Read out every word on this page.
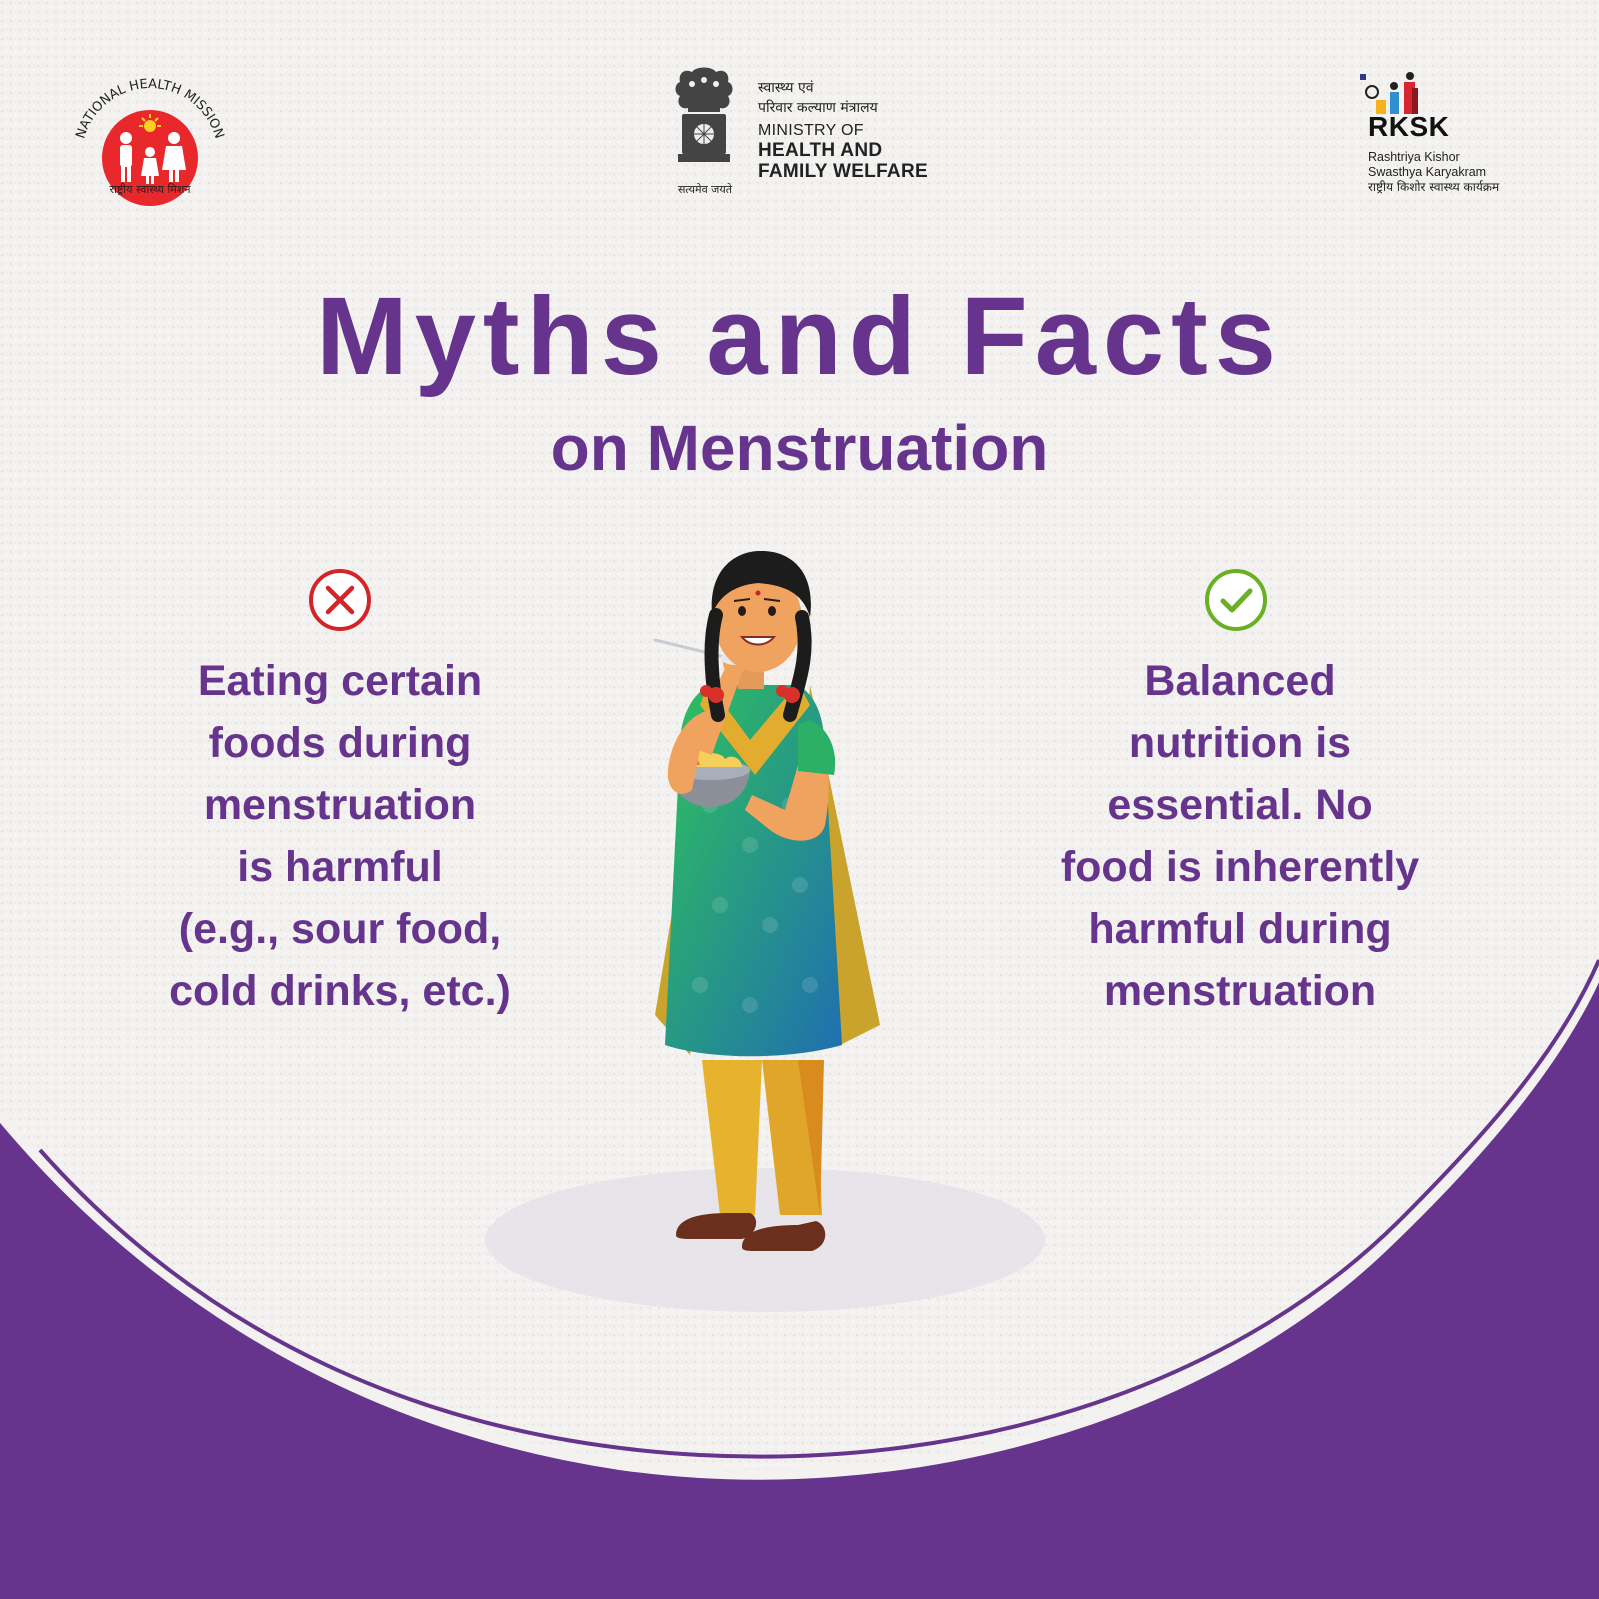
NATIONAL HEALTH MISSION
राष्ट्रीय स्वास्थ्य मिशन	सत्यमेव जयते
स्वास्थ्य एवं
परिवार कल्याण मंत्रालय
MINISTRY OF
HEALTH AND
FAMILY WELFARE
RKSK
Rashtriya Kishor
Swasthya Karyakram
राष्ट्रीय किशोर स्वास्थ्य कार्यक्रम
Myths and Facts
on Menstruation
Eating certain
foods during
menstruation
is harmful
(e.g., sour food,
cold drinks, etc.)
Balanced
nutrition is
essential. No
food is inherently
harmful during
menstruation
